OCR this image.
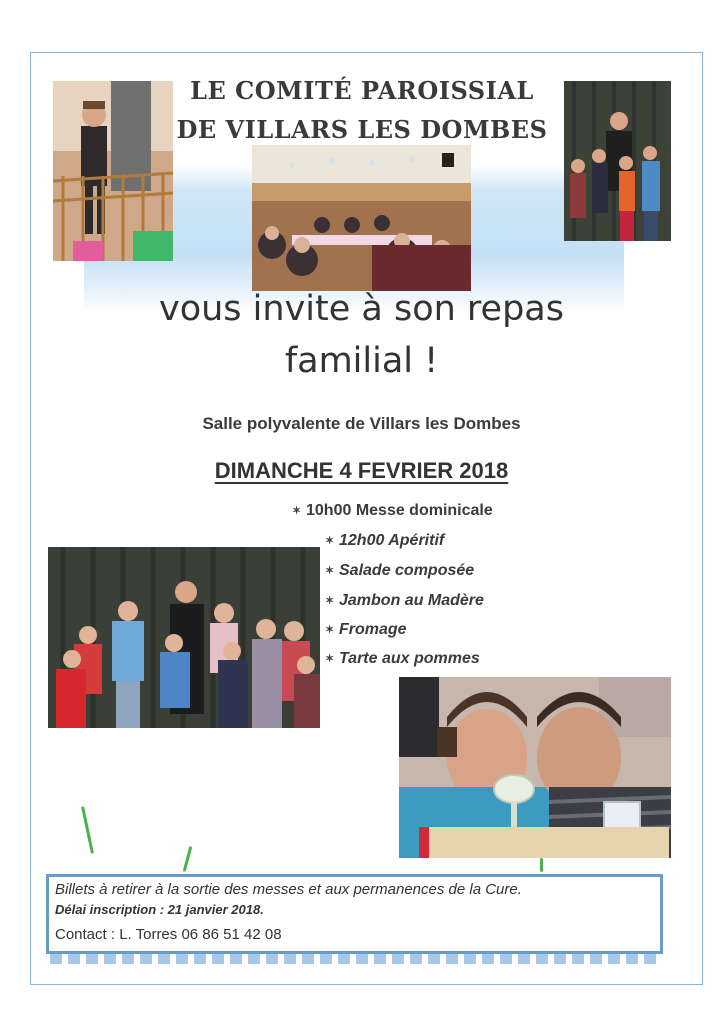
LE COMITÉ PAROISSIAL
DE VILLARS LES DOMBES
vous invite à son repas
familial !
Salle polyvalente de Villars les Dombes
DIMANCHE 4 FEVRIER 2018
✶ 10h00 Messe dominicale
✶ 12h00 Apéritif
✶ Salade composée
✶ Jambon au Madère
✶ Fromage
✶ Tarte aux pommes
Billets à retirer à la sortie des messes et aux permanences de la Cure.
Délai inscription : 21 janvier 2018.
Contact : L. Torres 06 86 51 42 08
